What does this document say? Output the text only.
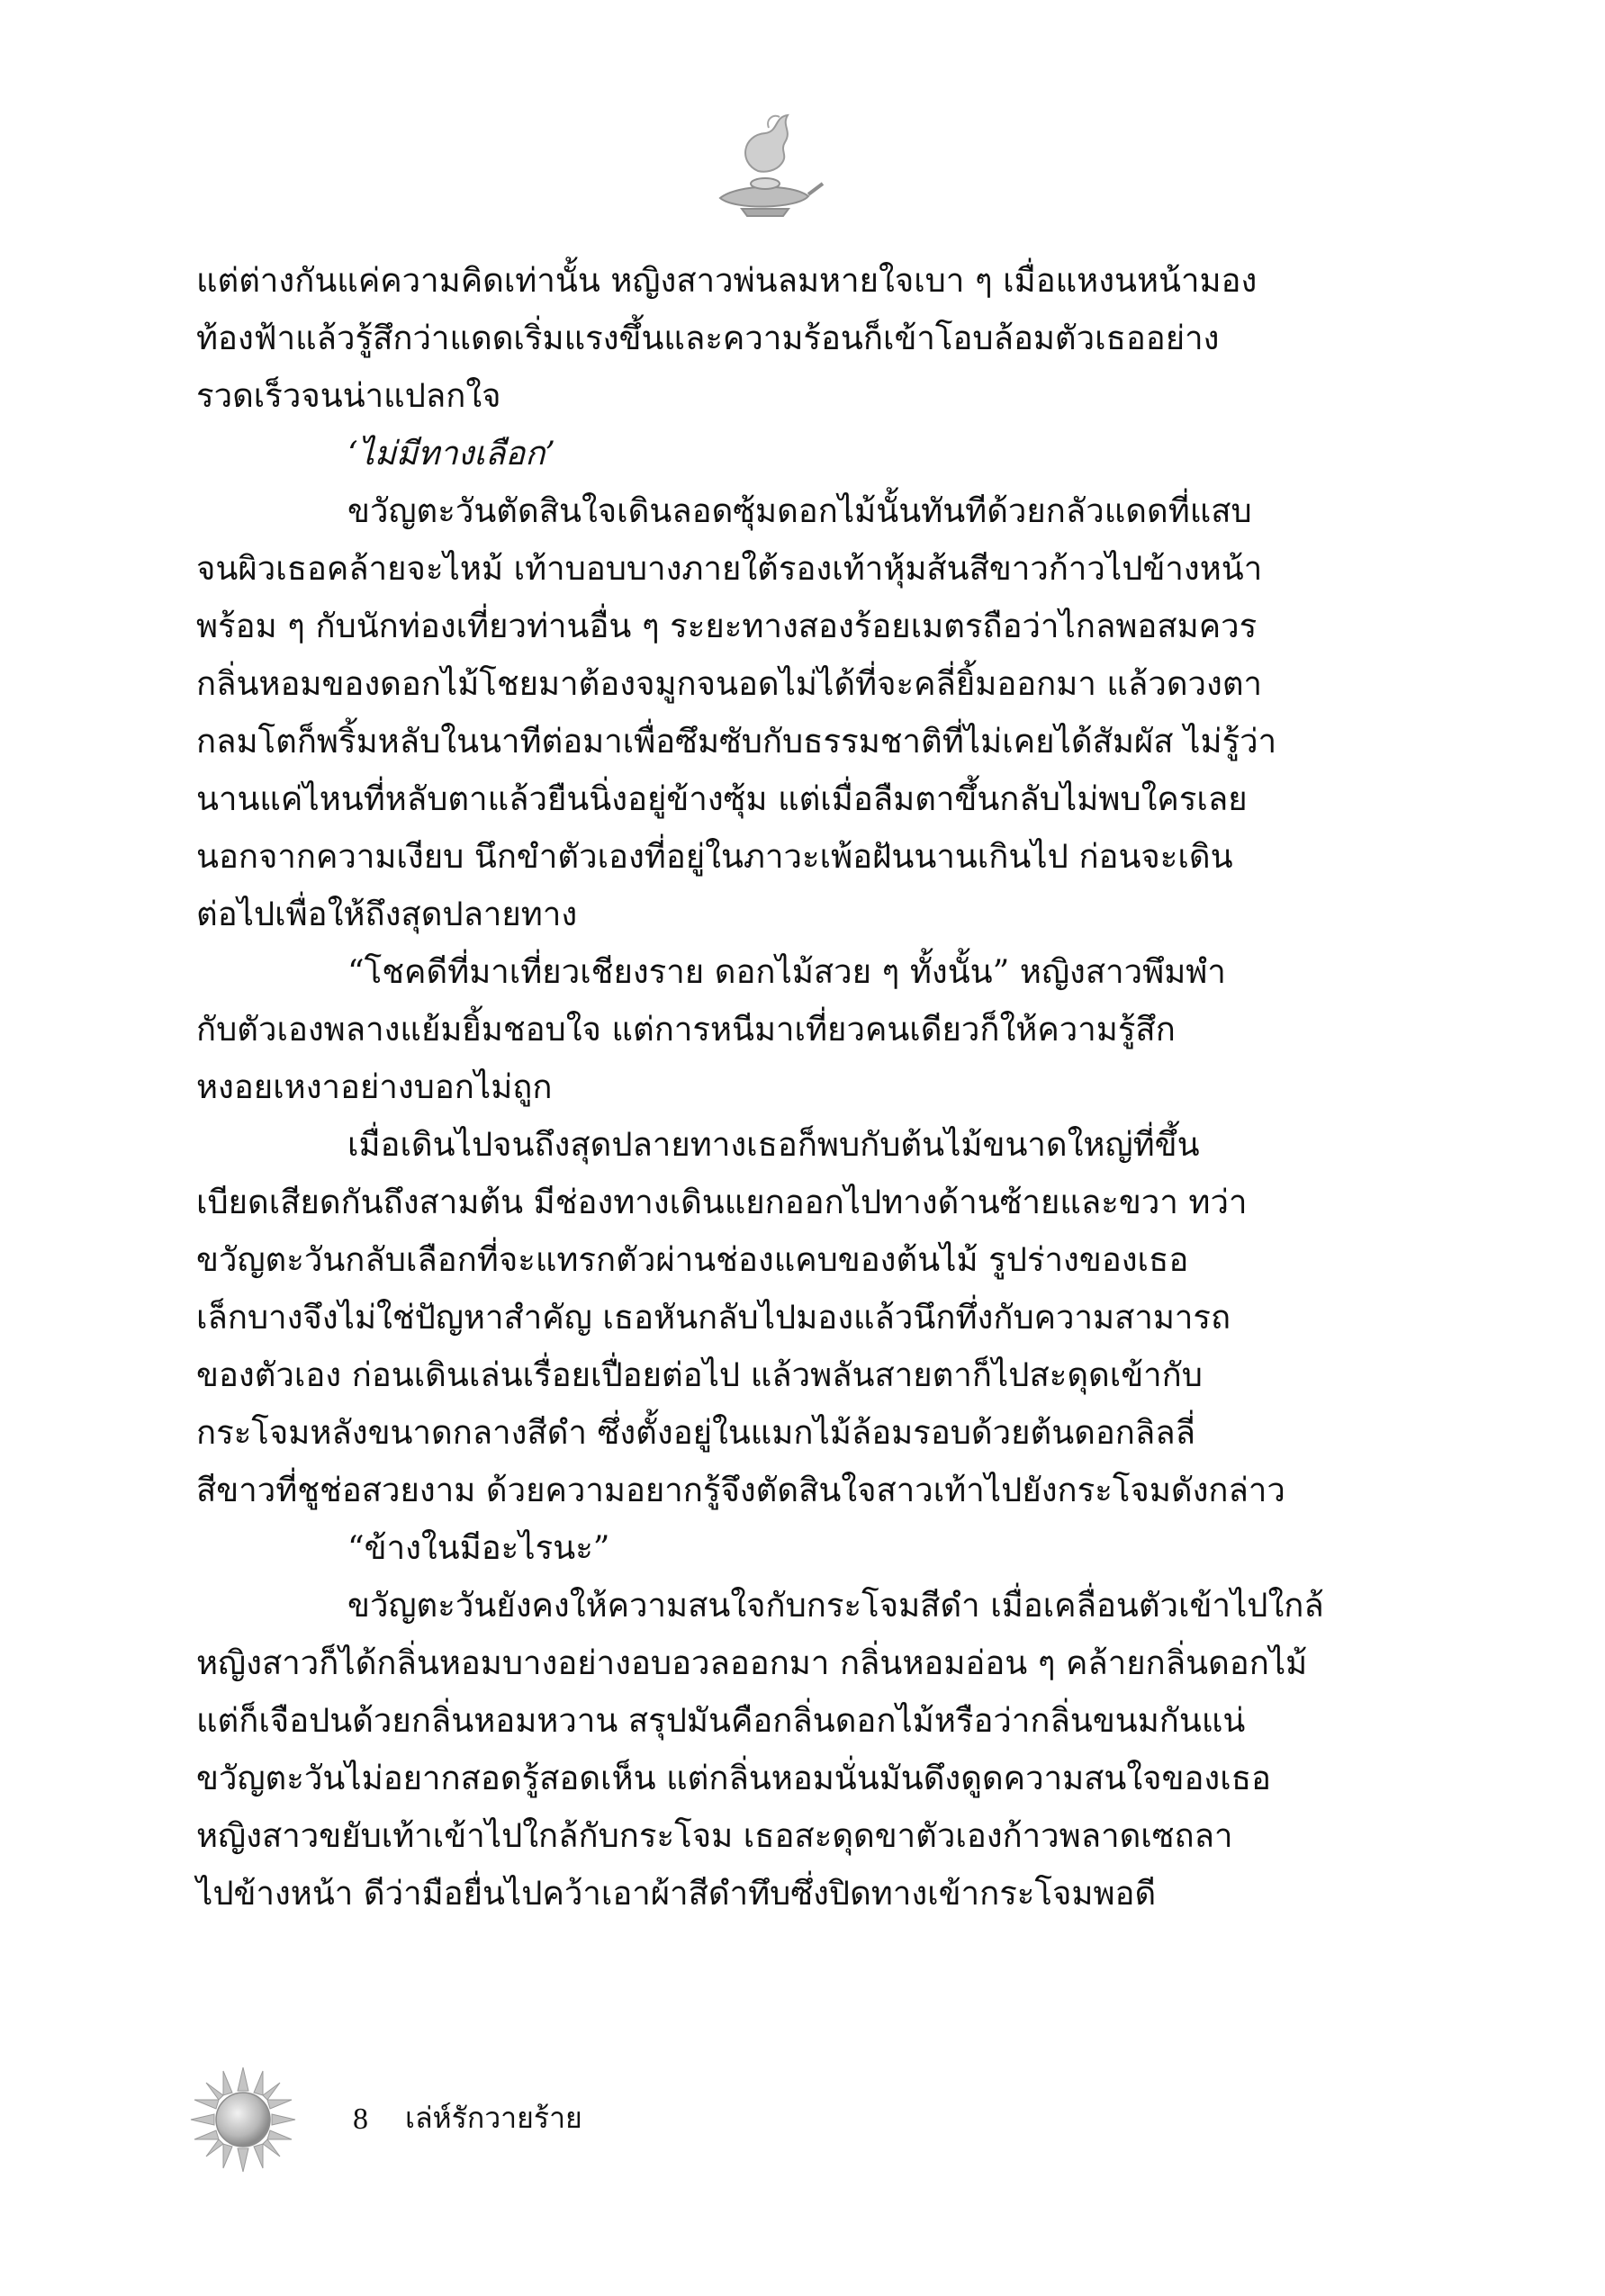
แต่ต่างกันแค่ความคิดเท่านั้น หญิงสาวพ่นลมหายใจเบา ๆ เมื่อแหงนหน้ามอง
ท้องฟ้าแล้วรู้สึกว่าแดดเริ่มแรงขึ้นและความร้อนก็เข้าโอบล้อมตัวเธออย่าง
รวดเร็วจนน่าแปลกใจ
‘ไม่มีทางเลือก’
ขวัญตะวันตัดสินใจเดินลอดซุ้มดอกไม้นั้นทันทีด้วยกลัวแดดที่แสบ
จนผิวเธอคล้ายจะไหม้ เท้าบอบบางภายใต้รองเท้าหุ้มส้นสีขาวก้าวไปข้างหน้า
พร้อม ๆ กับนักท่องเที่ยวท่านอื่น ๆ ระยะทางสองร้อยเมตรถือว่าไกลพอสมควร
กลิ่นหอมของดอกไม้โชยมาต้องจมูกจนอดไม่ได้ที่จะคลี่ยิ้มออกมา แล้วดวงตา
กลมโตก็พริ้มหลับในนาทีต่อมาเพื่อซึมซับกับธรรมชาติที่ไม่เคยได้สัมผัส ไม่รู้ว่า
นานแค่ไหนที่หลับตาแล้วยืนนิ่งอยู่ข้างซุ้ม แต่เมื่อลืมตาขึ้นกลับไม่พบใครเลย
นอกจากความเงียบ นึกขำตัวเองที่อยู่ในภาวะเพ้อฝันนานเกินไป ก่อนจะเดิน
ต่อไปเพื่อให้ถึงสุดปลายทาง
“โชคดีที่มาเที่ยวเชียงราย ดอกไม้สวย ๆ ทั้งนั้น” หญิงสาวพึมพำ
กับตัวเองพลางแย้มยิ้มชอบใจ แต่การหนีมาเที่ยวคนเดียวก็ให้ความรู้สึก
หงอยเหงาอย่างบอกไม่ถูก
เมื่อเดินไปจนถึงสุดปลายทางเธอก็พบกับต้นไม้ขนาดใหญ่ที่ขึ้น
เบียดเสียดกันถึงสามต้น มีช่องทางเดินแยกออกไปทางด้านซ้ายและขวา ทว่า
ขวัญตะวันกลับเลือกที่จะแทรกตัวผ่านช่องแคบของต้นไม้ รูปร่างของเธอ
เล็กบางจึงไม่ใช่ปัญหาสำคัญ เธอหันกลับไปมองแล้วนึกทึ่งกับความสามารถ
ของตัวเอง ก่อนเดินเล่นเรื่อยเปื่อยต่อไป แล้วพลันสายตาก็ไปสะดุดเข้ากับ
กระโจมหลังขนาดกลางสีดำ ซึ่งตั้งอยู่ในแมกไม้ล้อมรอบด้วยต้นดอกลิลลี่
สีขาวที่ชูช่อสวยงาม ด้วยความอยากรู้จึงตัดสินใจสาวเท้าไปยังกระโจมดังกล่าว
“ข้างในมีอะไรนะ”
ขวัญตะวันยังคงให้ความสนใจกับกระโจมสีดำ เมื่อเคลื่อนตัวเข้าไปใกล้
หญิงสาวก็ได้กลิ่นหอมบางอย่างอบอวลออกมา กลิ่นหอมอ่อน ๆ คล้ายกลิ่นดอกไม้
แต่ก็เจือปนด้วยกลิ่นหอมหวาน สรุปมันคือกลิ่นดอกไม้หรือว่ากลิ่นขนมกันแน่
ขวัญตะวันไม่อยากสอดรู้สอดเห็น แต่กลิ่นหอมนั่นมันดึงดูดความสนใจของเธอ
หญิงสาวขยับเท้าเข้าไปใกล้กับกระโจม เธอสะดุดขาตัวเองก้าวพลาดเซถลา
ไปข้างหน้า ดีว่ามือยื่นไปคว้าเอาผ้าสีดำทึบซึ่งปิดทางเข้ากระโจมพอดี
8 เล่ห์รักวายร้าย
